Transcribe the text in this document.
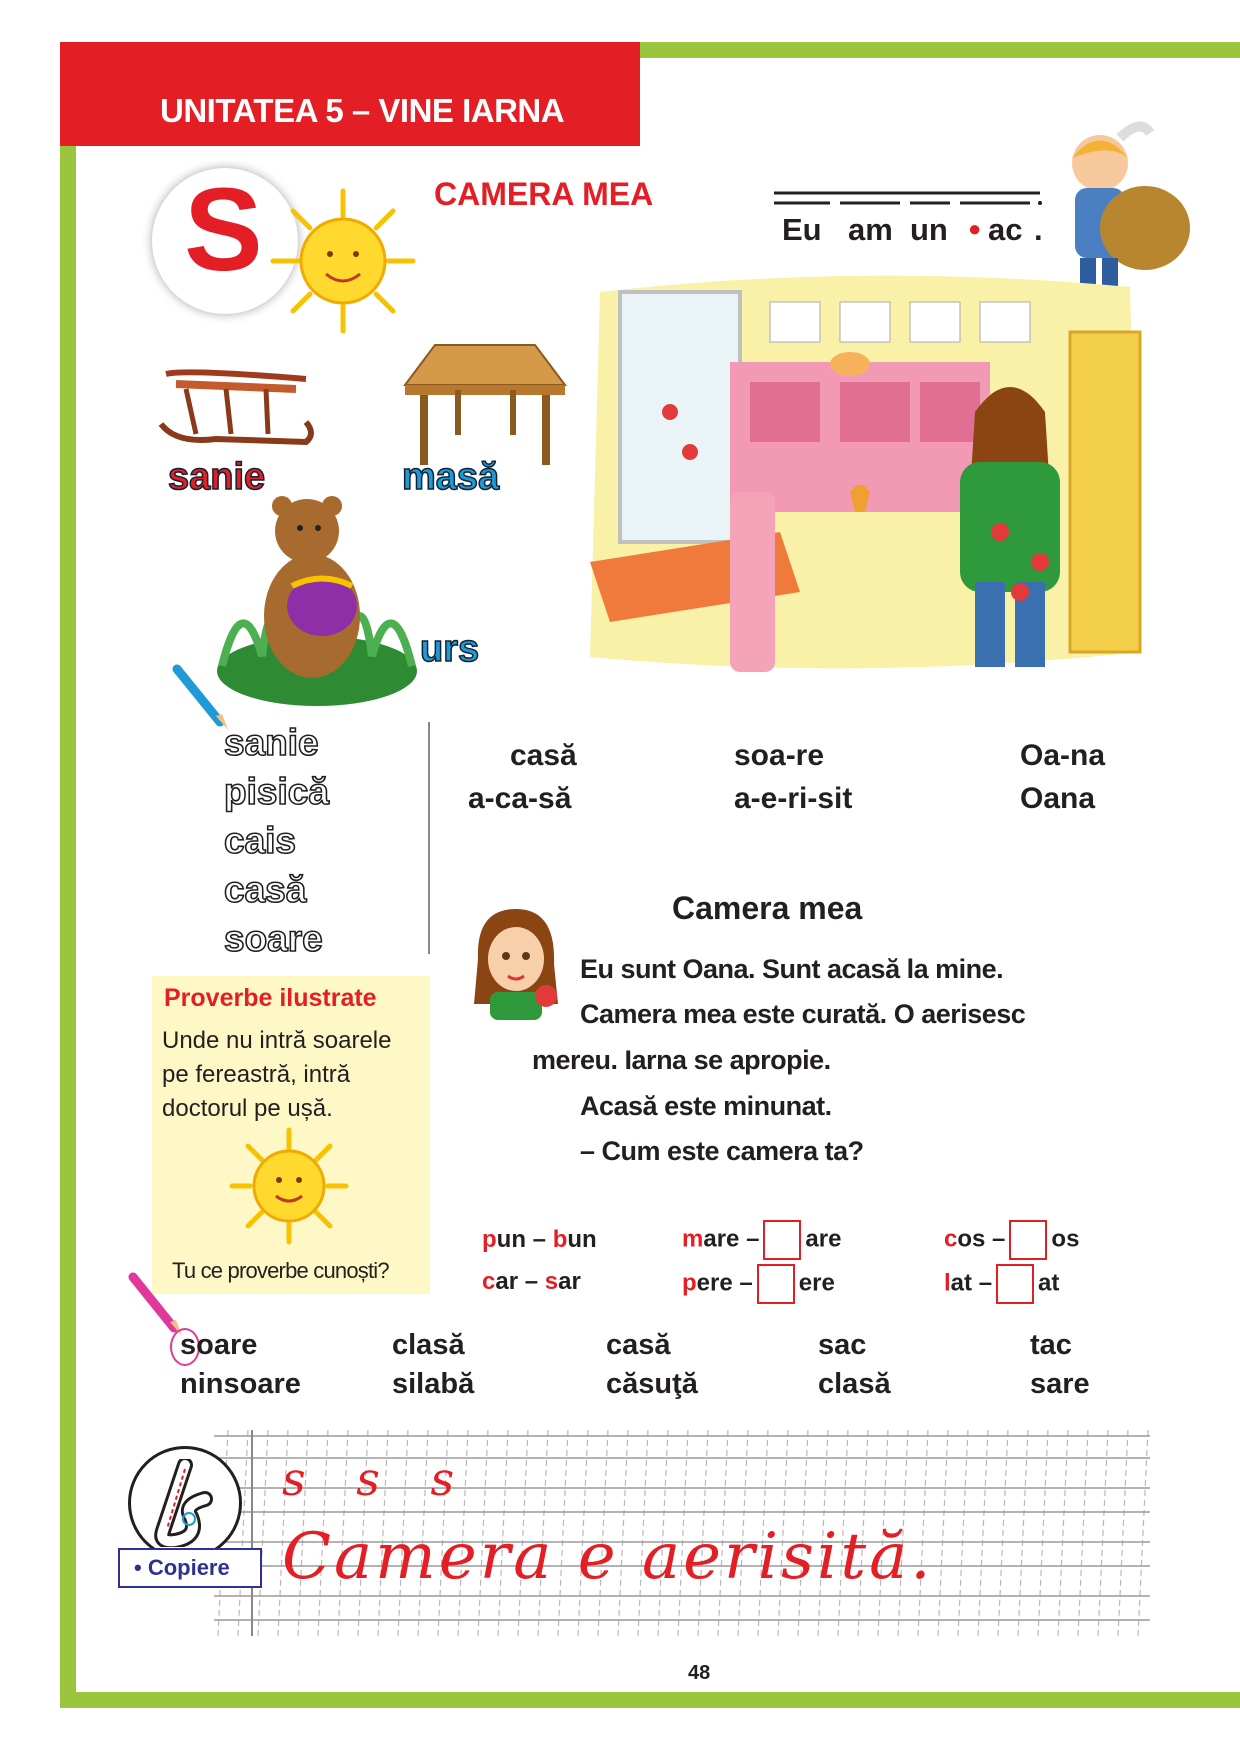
UNITATEA 5 – VINE IARNA
S	CAMERA MEA
Eu am un ● ac .
sanie	masă
urs
sanie
pisică
cais
casă
soare
casă
a-ca-să
soa-re
a-e-ri-sit
Oa-na
Oana
Camera mea
Eu sunt Oana. Sunt acasă la mine.
Camera mea este curată. O aerisesc
mereu. Iarna se apropie.
Acasă este minunat.
– Cum este camera ta?
Proverbe ilustrate
Unde nu intră soarele
pe fereastră, intră
doctorul pe ușă.
Tu ce proverbe cunoști?
pun – bun
car – sar
mare – are
pere – ere
cos – os
lat – at
soare
ninsoare
clasă
silabă
casă
căsuţă
sac
clasă
tac
sare
• Copiere
s s s
Camera e aerisită.
48
